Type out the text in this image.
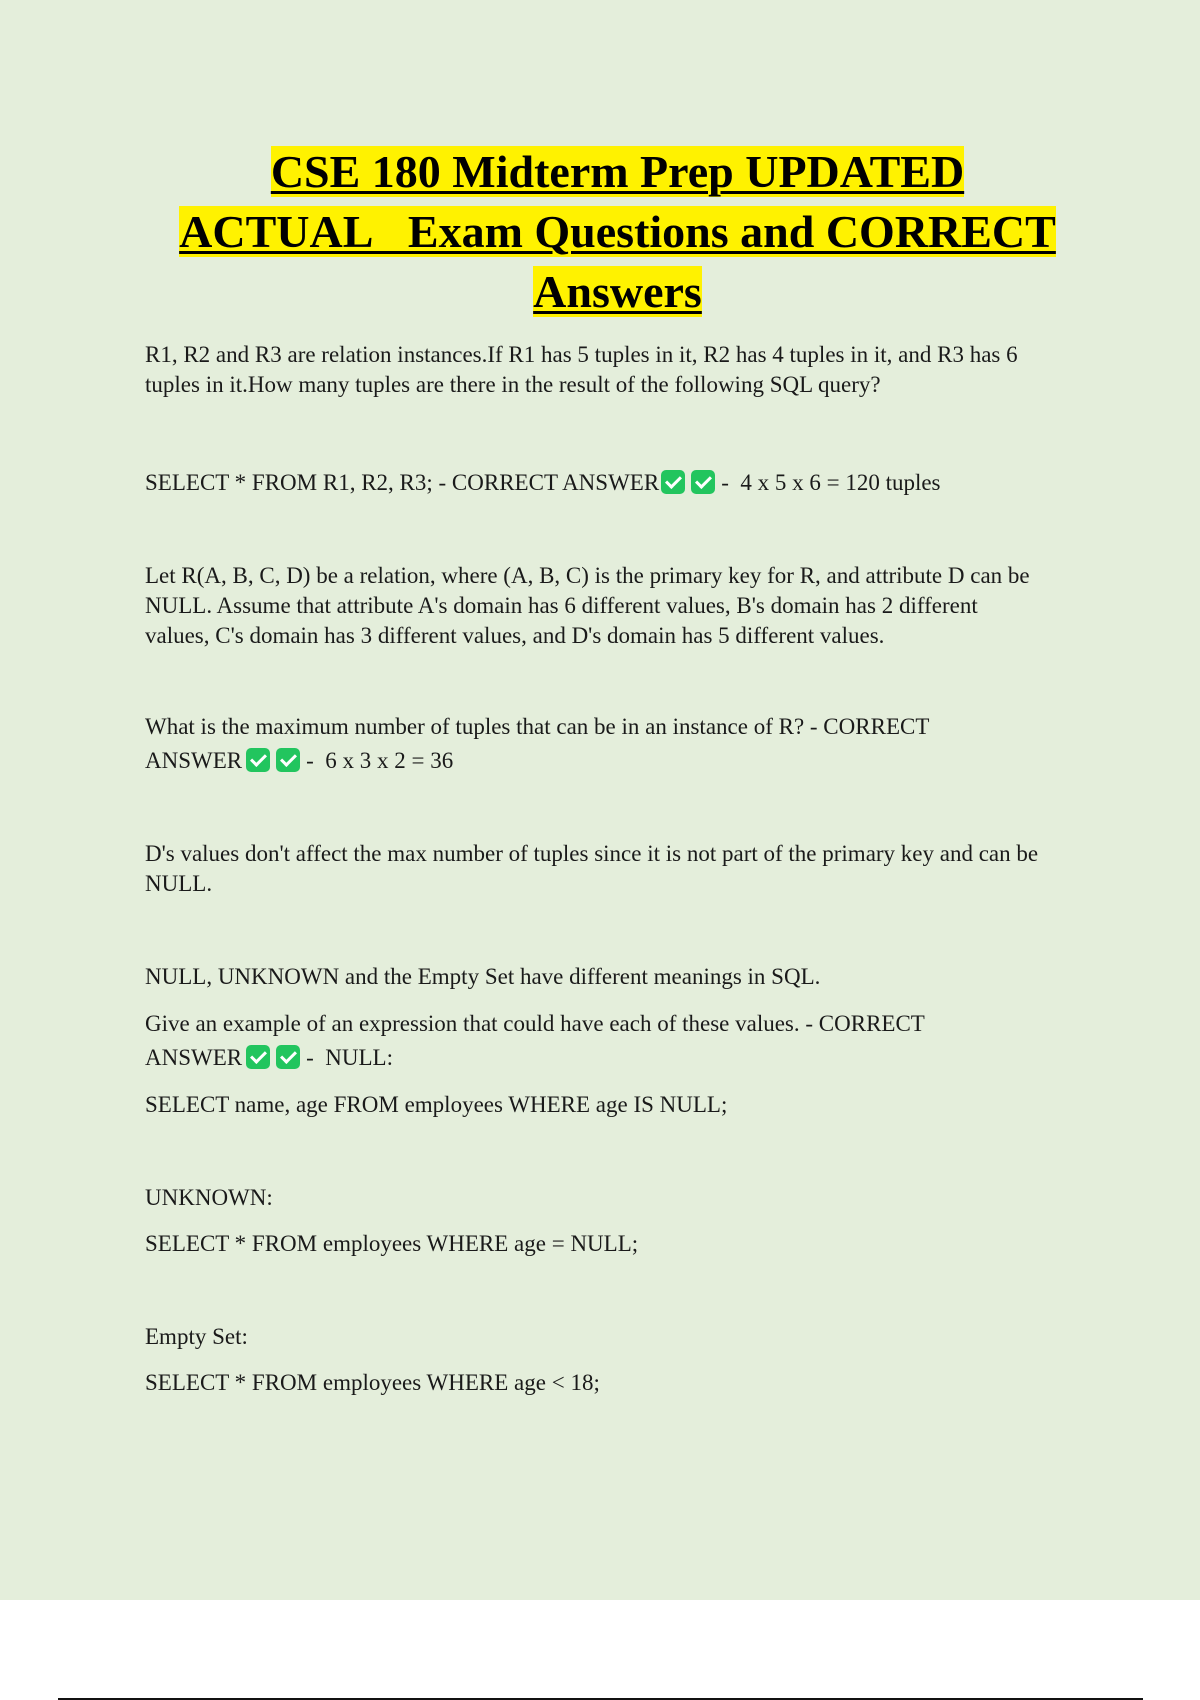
CSE 180 Midterm Prep UPDATED
ACTUAL   Exam Questions and CORRECT
Answers
R1, R2 and R3 are relation instances.If R1 has 5 tuples in it, R2 has 4 tuples in it, and R3 has 6
tuples in it.How many tuples are there in the result of the following SQL query?
SELECT * FROM R1, R2, R3; - CORRECT ANSWER	-  4 x 5 x 6 = 120 tuples
Let R(A, B, C, D) be a relation, where (A, B, C) is the primary key for R, and attribute D can be
NULL. Assume that attribute A's domain has 6 different values, B's domain has 2 different
values, C's domain has 3 different values, and D's domain has 5 different values.
What is the maximum number of tuples that can be in an instance of R? - CORRECT
ANSWER	-  6 x 3 x 2 = 36
D's values don't affect the max number of tuples since it is not part of the primary key and can be
NULL.
NULL, UNKNOWN and the Empty Set have different meanings in SQL.
Give an example of an expression that could have each of these values. - CORRECT
ANSWER	-  NULL:
SELECT name, age FROM employees WHERE age IS NULL;
UNKNOWN:
SELECT * FROM employees WHERE age = NULL;
Empty Set:
SELECT * FROM employees WHERE age < 18;
